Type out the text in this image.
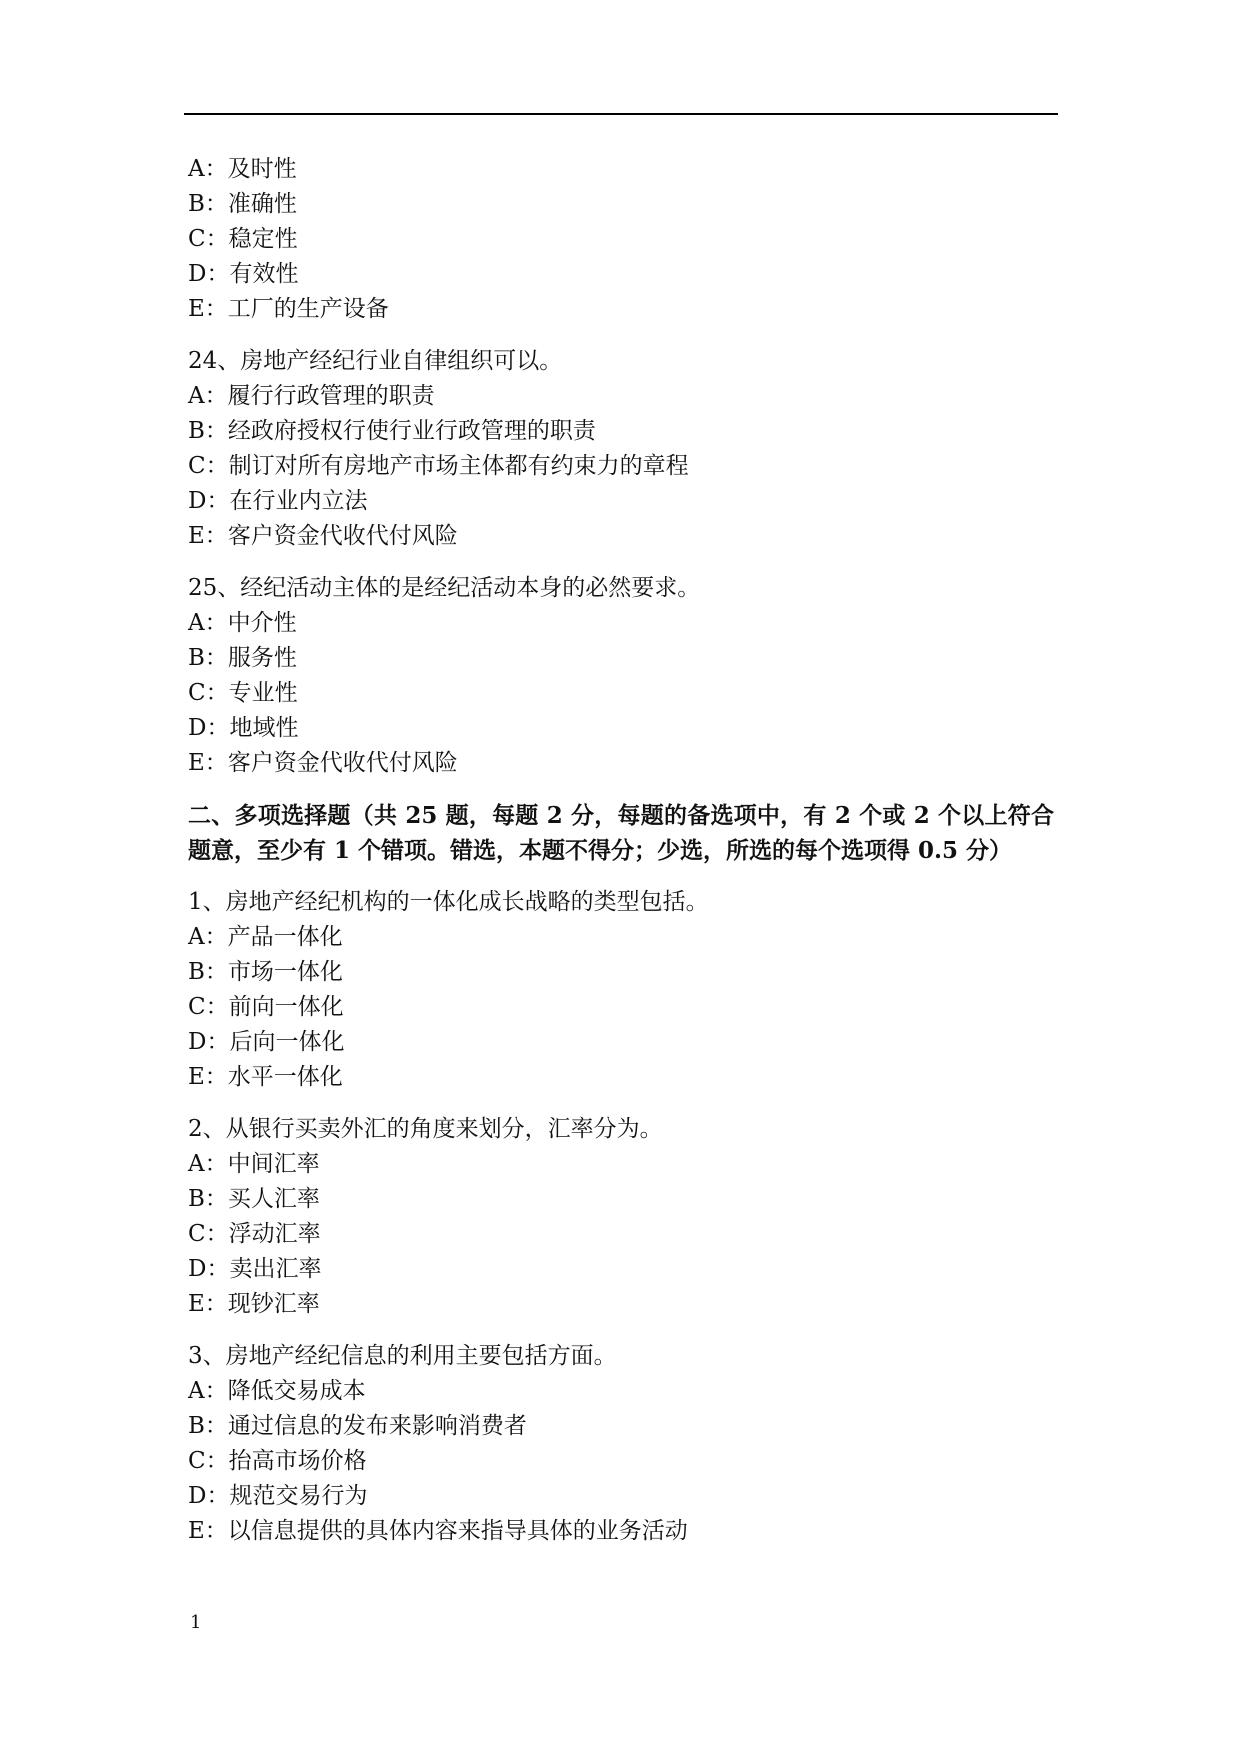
A：及时性
B：准确性
C：稳定性
D：有效性
E：工厂的生产设备
24、房地产经纪行业自律组织可以。
A：履行行政管理的职责
B：经政府授权行使行业行政管理的职责
C：制订对所有房地产市场主体都有约束力的章程
D：在行业内立法
E：客户资金代收代付风险
25、经纪活动主体的是经纪活动本身的必然要求。
A：中介性
B：服务性
C：专业性
D：地域性
E：客户资金代收代付风险
二、多项选择题（共 25 题，每题 2 分，每题的备选项中，有 2 个或 2 个以上符合题意，至少有 1 个错项。错选，本题不得分；少选，所选的每个选项得 0.5 分）
1、房地产经纪机构的一体化成长战略的类型包括。
A：产品一体化
B：市场一体化
C：前向一体化
D：后向一体化
E：水平一体化
2、从银行买卖外汇的角度来划分，汇率分为。
A：中间汇率
B：买人汇率
C：浮动汇率
D：卖出汇率
E：现钞汇率
3、房地产经纪信息的利用主要包括方面。
A：降低交易成本
B：通过信息的发布来影响消费者
C：抬高市场价格
D：规范交易行为
E：以信息提供的具体内容来指导具体的业务活动
1
